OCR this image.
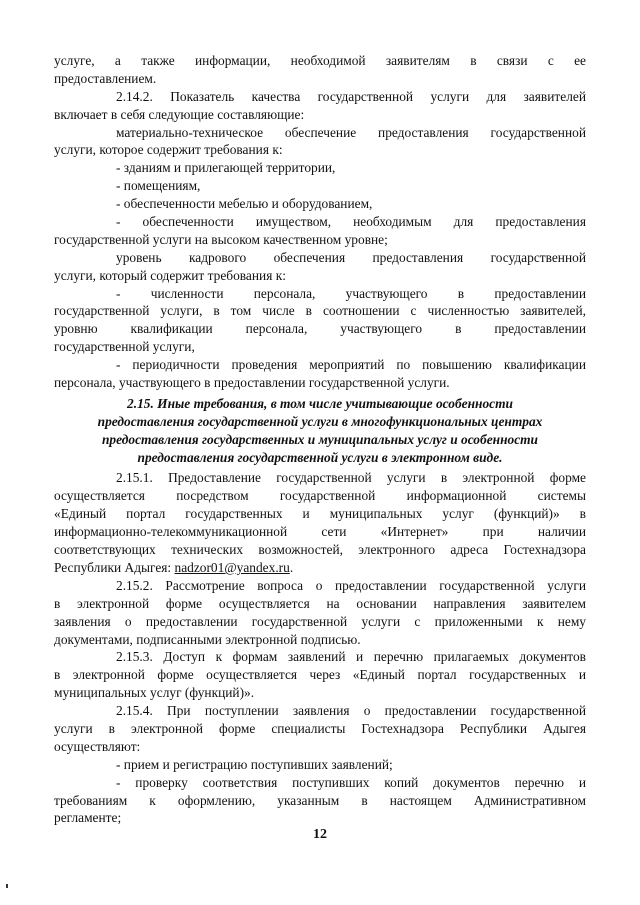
услуге, а также информации, необходимой заявителям в связи с ее
предоставлением.
2.14.2. Показатель качества государственной услуги для заявителей
включает в себя следующие составляющие:
материально-техническое обеспечение предоставления государственной
услуги, которое содержит требования к:
- зданиям и прилегающей территории,
- помещениям,
- обеспеченности мебелью и оборудованием,
- обеспеченности имуществом, необходимым для предоставления
государственной услуги на высоком качественном уровне;
уровень кадрового обеспечения предоставления государственной
услуги, который содержит требования к:
- численности персонала, участвующего в предоставлении
государственной услуги, в том числе в соотношении с численностью заявителей,
уровню квалификации персонала, участвующего в предоставлении
государственной услуги,
- периодичности проведения мероприятий по повышению квалификации
персонала, участвующего в предоставлении государственной услуги.
2.15. Иные требования, в том числе учитывающие особенности
предоставления государственной услуги в многофункциональных центрах
предоставления государственных и муниципальных услуг и особенности
предоставления государственной услуги в электронном виде.
2.15.1. Предоставление государственной услуги в электронной форме
осуществляется посредством государственной информационной системы
«Единый портал государственных и муниципальных услуг (функций)» в
информационно-телекоммуникационной сети «Интернет» при наличии
соответствующих технических возможностей, электронного адреса Гостехнадзора
Республики Адыгея: nadzor01@yandex.ru.
2.15.2. Рассмотрение вопроса о предоставлении государственной услуги
в электронной форме осуществляется на основании направления заявителем
заявления о предоставлении государственной услуги с приложенными к нему
документами, подписанными электронной подписью.
2.15.3. Доступ к формам заявлений и перечню прилагаемых документов
в электронной форме осуществляется через «Единый портал государственных и
муниципальных услуг (функций)».
2.15.4. При поступлении заявления о предоставлении государственной
услуги в электронной форме специалисты Гостехнадзора Республики Адыгея
осуществляют:
- прием и регистрацию поступивших заявлений;
- проверку соответствия поступивших копий документов перечню и
требованиям к оформлению, указанным в настоящем Административном
регламенте;
12
